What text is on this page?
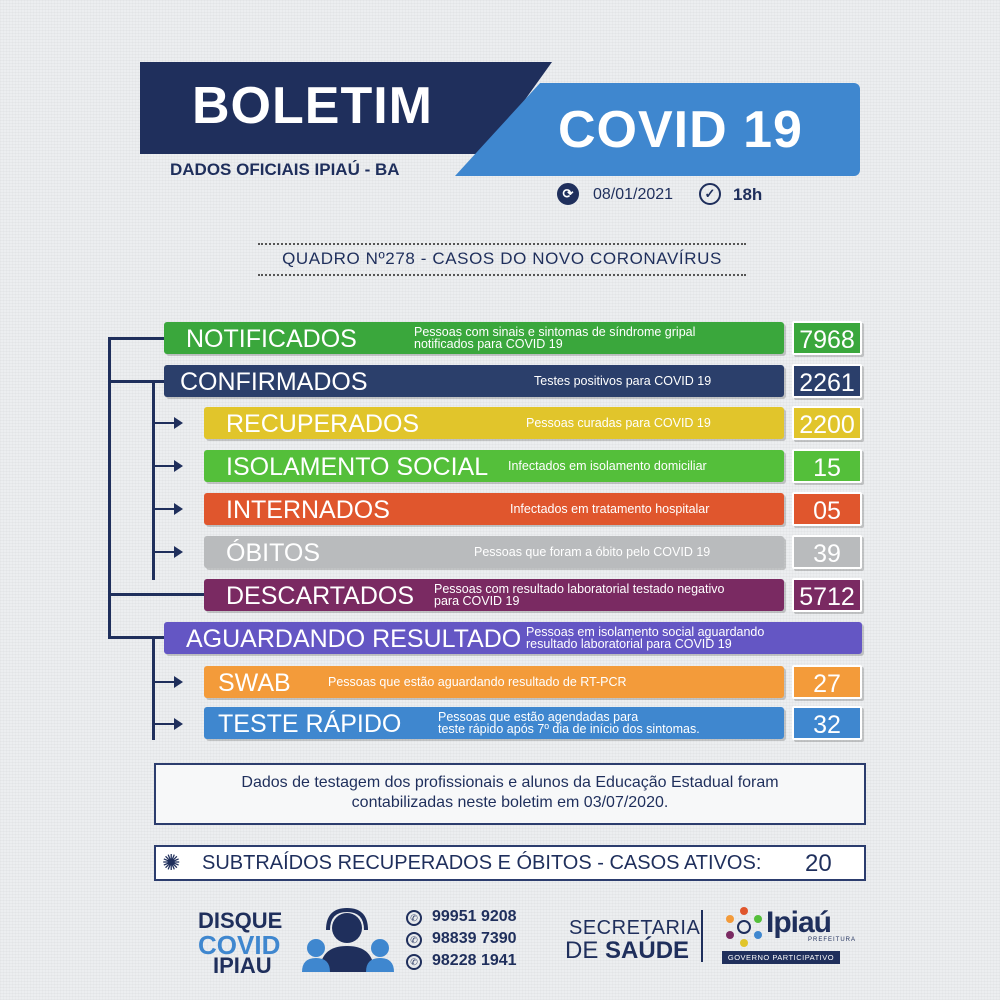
BOLETIM COVID 19
DADOS OFICIAIS IPIAÚ - BA
⟳	08/01/2021	✓	18h
QUADRO Nº278 - CASOS DO NOVO CORONAVÍRUS
NOTIFICADOS	Pessoas com sinais e sintomas de síndrome gripal
notificados para COVID 19	7968
CONFIRMADOS	Testes positivos para COVID 19	2261
RECUPERADOS	Pessoas curadas para COVID 19	2200
ISOLAMENTO SOCIAL Infectados em isolamento domiciliar	15
INTERNADOS	Infectados em tratamento hospitalar	05
ÓBITOS	Pessoas que foram a óbito pelo COVID 19	39
DESCARTADOS Pessoas com resultado laboratorial testado negativo
para COVID 19	5712
AGUARDANDO RESULTADO Pessoas em isolamento social aguardando
resultado laboratorial para COVID 19
SWAB	Pessoas que estão aguardando resultado de RT-PCR	27
TESTE RÁPIDO	Pessoas que estão agendadas para
teste rápido após 7º dia de início dos sintomas.	32
Dados de testagem dos profissionais e alunos da Educação Estadual foram
contabilizadas neste boletim em 03/07/2020.
✺ SUBTRAÍDOS RECUPERADOS E ÓBITOS - CASOS ATIVOS: 20
DISQUE
COVID
IPIAU
✆ 99951 9208
✆ 98839 7390
✆ 98228 1941
SECRETARIA
DE SAÚDE
Ipiaú
PREFEITURA
GOVERNO PARTICIPATIVO
